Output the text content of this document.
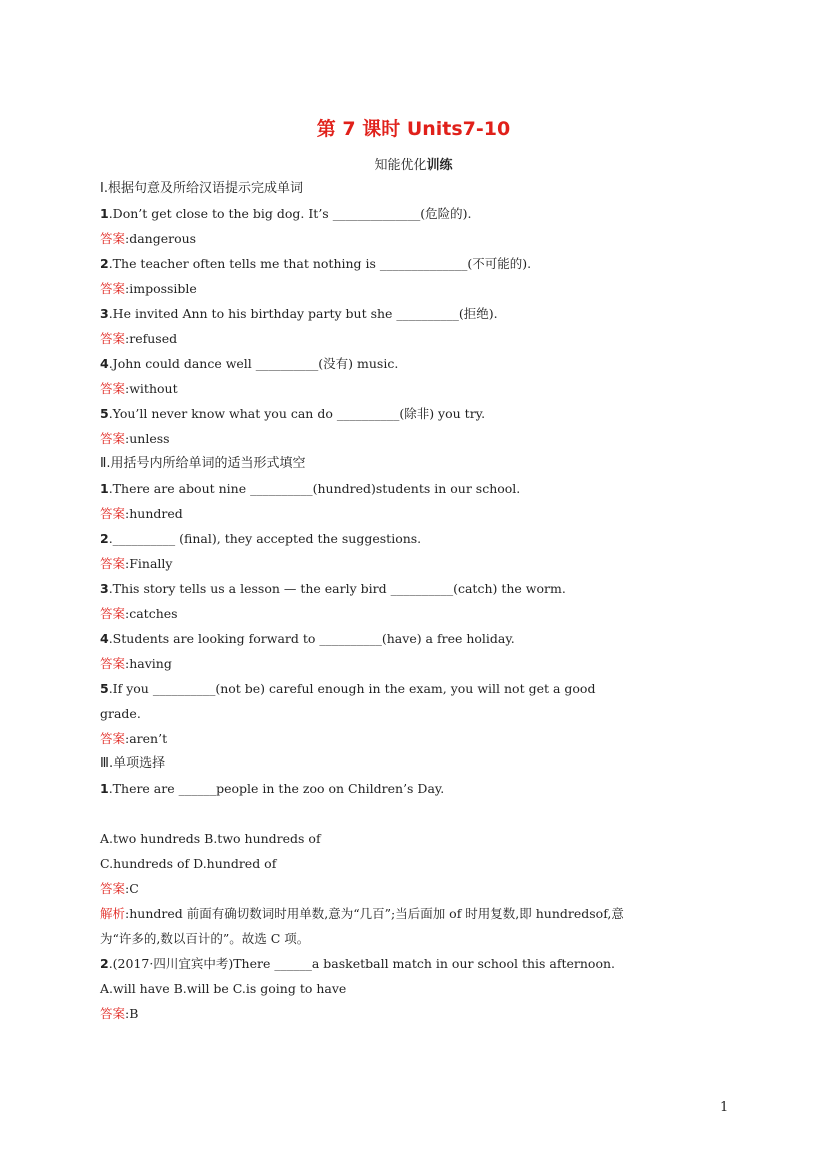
第 7 课时 Units7-10
知能优化训练
Ⅰ.根据句意及所给汉语提示完成单词
1.Don’t get close to the big dog. It’s ______________(危险的).
答案:dangerous
2.The teacher often tells me that nothing is ______________(不可能的).
答案:impossible
3.He invited Ann to his birthday party but she __________(拒绝).
答案:refused
4.John could dance well __________(没有) music.
答案:without
5.You’ll never know what you can do __________(除非) you try.
答案:unless
Ⅱ.用括号内所给单词的适当形式填空
1.There are about nine __________(hundred)students in our school.
答案:hundred
2.__________ (final), they accepted the suggestions.
答案:Finally
3.This story tells us a lesson — the early bird __________(catch) the worm.
答案:catches
4.Students are looking forward to __________(have) a free holiday.
答案:having
5.If you __________(not be) careful enough in the exam, you will not get a good
grade.
答案:aren’t
Ⅲ.单项选择
1.There are ______people in the zoo on Children’s Day.
A.two hundreds B.two hundreds of
C.hundreds of D.hundred of
答案:C
解析:hundred 前面有确切数词时用单数,意为“几百”;当后面加 of 时用复数,即 hundredsof,意
为“许多的,数以百计的”。故选 C 项。
2.(2017·四川宜宾中考)There ______a basketball match in our school this afternoon.
A.will have B.will be C.is going to have
答案:B
1
